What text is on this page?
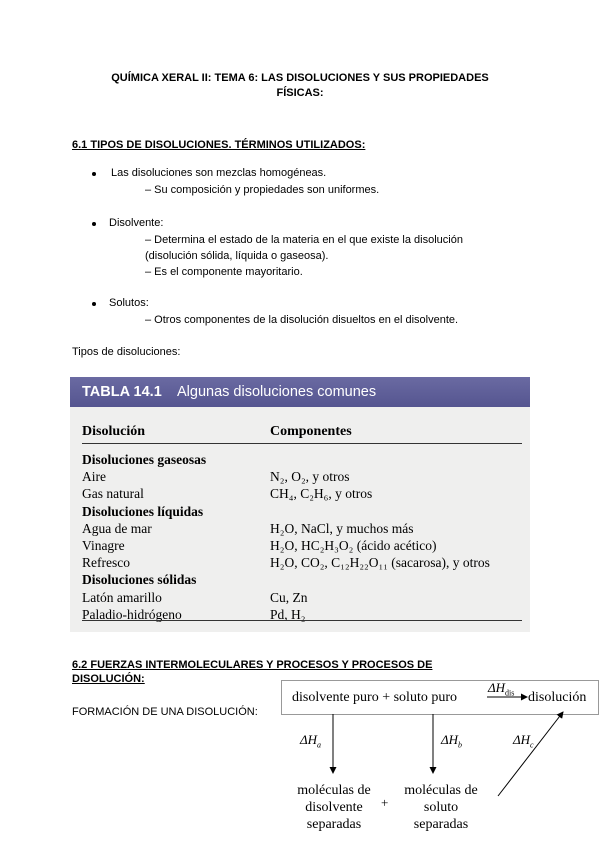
QUÍMICA XERAL II: TEMA 6: LAS DISOLUCIONES Y SUS PROPIEDADES
FÍSICAS:
6.1 TIPOS DE DISOLUCIONES. TÉRMINOS UTILIZADOS:
Las disoluciones son mezclas homogéneas.
– Su composición y propiedades son uniformes.
Disolvente:
– Determina el estado de la materia en el que existe la disolución
(disolución sólida, líquida o gaseosa).
– Es el componente mayoritario.
Solutos:
– Otros componentes de la disolución disueltos en el disolvente.
Tipos de disoluciones:
TABLA 14.1 Algunas disoluciones comunes
Disolución	Componentes
Disoluciones gaseosas
Aire	N₂, O₂, y otros
Gas natural	CH₄, C₂H₆, y otros
Disoluciones líquidas
Agua de mar	H₂O, NaCl, y muchos más
Vinagre	H₂O, HC₂H₃O₂ (ácido acético)
Refresco	H₂O, CO₂, C₁₂H₂₂O₁₁ (sacarosa), y otros
Disoluciones sólidas
Latón amarillo	Cu, Zn
Paladio-hidrógeno	Pd, H₂
6.2 FUERZAS INTERMOLECULARES Y PROCESOS Y PROCESOS DE
DISOLUCIÓN:
FORMACIÓN DE UNA DISOLUCIÓN:
disolvente puro + soluto puro
$\Delta H_{dis}$ disolución
$\Delta H_a$	$\Delta H_b$	$\Delta H_c$
moléculas de
disolvente
separadas
+
moléculas de
soluto
separadas
